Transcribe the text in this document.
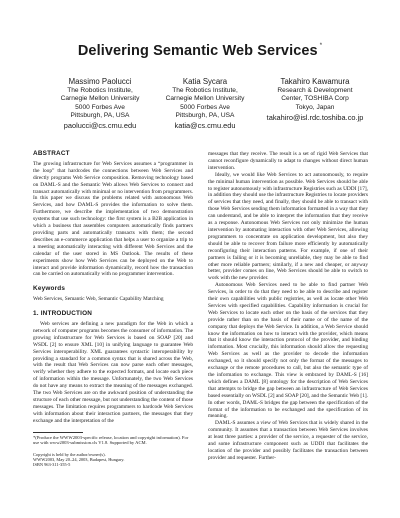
Delivering Semantic Web Services *
Massimo Paolucci
The Robotics Institute,
Carnegie Mellon University
5000 Forbes Ave
Pittsburgh, PA, USA
paolucci@cs.cmu.edu
Katia Sycara
The Robotics Institute,
Carnegie Mellon University
5000 Forbes Ave
Pittsburgh, PA, USA
katia@cs.cmu.edu
Takahiro Kawamura
Research & Development
Center, TOSHIBA Corp
Tokyo, Japan
takahiro@isl.rdc.toshiba.co.jp
ABSTRACT

The growing infrastructure for Web Services assumes a “programmer in the loop” that hardcodes the connections between Web Services and directly programs Web Service composition. Removing technology based on DAML-S and the Semantic Web allows Web Services to connect and transact automatically with minimal or no intervention from programmers. In this paper we discuss the problems related with autonomous Web Services, and how DAML-S provides the information to solve them. Furthermore, we describe the implementation of two demonstration systems that use such technology: the first system is a B2B application in which a business that assembles computers automatically finds partners providing parts and automatically transacts with them; the second describes an e-commerce application that helps a user to organize a trip to a meeting automatically interacting with different Web Services and the calendar of the user stored in MS Outlook. The results of these experiments show how Web Services can be deployed on the Web to interact and provide information dynamically, record how the transaction can be carried on automatically with no programmer intervention.

Keywords

Web Services, Semantic Web, Semantic Capability Matching

1. INTRODUCTION

Web services are defining a new paradigm for the Web in which a network of computer programs becomes the consumer of information. The growing infrastructure for Web Services is based on SOAP [20] and WSDL [2] to ensure XML [10] in unifying language to guarantee Web Services interoperability. XML guarantees syntactic interoperability by providing a standard for a common syntax that is shared across the Web, with the result that Web Services can now parse each other messages, verify whether they adhere to the expected formats, and locate each piece of information within the message. Unfortunately, the two Web Services do not have any means to extract the meaning of the messages exchanged. The two Web Services are on the awkward position of understanding the structure of each other message, but not understanding the content of those messages. The limitation requires programmers to hardcode Web Services with information about their interaction partners, the messages that they exchange and the interpretation of the

*(Produce the WWW2003-specific release, location and copyright information). For use with www2003-submission.cls V1.8. Supported by ACM.
Copyright is held by the author/owner(s).
WWW2003, May 20–24, 2003, Budapest, Hungary.
ISBN 963-311-355-5

messages that they receive. The result is a set of rigid Web Services that cannot reconfigure dynamically to adapt to changes without direct human intervention.

Ideally, we would like Web Services to act autonomously, to require the minimal human intervention as possible. Web Services should be able to register autonomously with infrastructure Registries such as UDDI [17], in addition they should use the infrastructure Registries to locate providers of services that they need, and finally, they should be able to transact with those Web Services sending them information formatted in a way that they can understand, and be able to interpret the information that they receive as a response. Autonomous Web Services not only minimize the human intervention by automating interaction with other Web Services, allowing programmers to concentrate on application development, but also they should be able to recover from failure more efficiently by automatically reconfiguring their interaction patterns. For example, if one of their partners is failing or it is becoming unreliable, they may be able to find other more reliable partners; similarly, if a new and cheaper, or anyway better, provider comes on line, Web Services should be able to switch to work with the new provider.

Autonomous Web Services need to be able to find partner Web Services, in order to do that they need to be able to describe and register their own capabilities with public registries, as well as locate other Web Services with specified capabilities. Capability information is crucial for Web Services to locate each other on the basis of the services that they provide rather than on the basis of their name or of the name of the company that deploys the Web Service. In addition, a Web Service should know the information on how to interact with the provider, which means that it should know the interaction protocol of the provider, and binding information. Most crucially, this information should allow the requesting Web Services as well as the provider to decode the information exchanged, so it should specify not only the format of the messages to exchange or the remote procedures to call, but also the semantic type of the information to exchange. This view is embraced by DAML-S [16] which defines a DAML [8] ontology for the description of Web Services that attempts to bridge the gap between an infrastructure of Web Services based essentially on WSDL [2] and SOAP [20], and the Semantic Web [1]. In other words, DAML-S bridges the gap between the specification of the format of the information to be exchanged and the specification of its meaning.

DAML-S assumes a view of Web Services that is widely shared in the community. It assumes that a transaction between Web Services involves at least three parties: a provider of the service, a requester of the service, and some infrastructure component such as UDDI that facilitates the location of the provider and possibly facilitates the transaction between provider and requester. Further-
